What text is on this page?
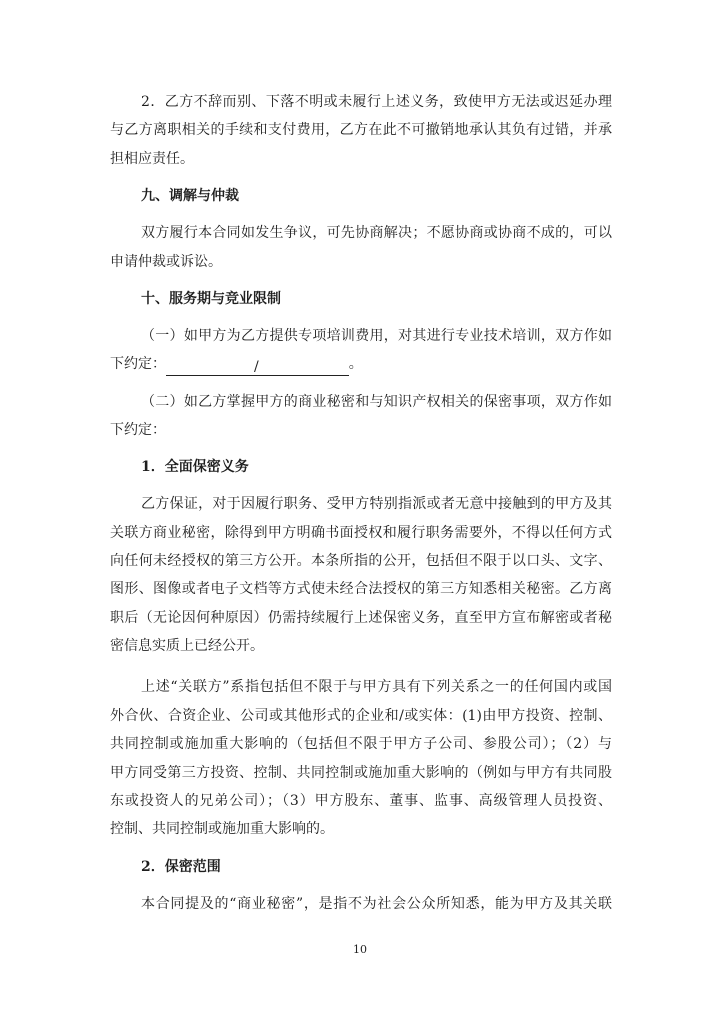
2．乙方不辞而别、下落不明或未履行上述义务，致使甲方无法或迟延办理
与乙方离职相关的手续和支付费用，乙方在此不可撤销地承认其负有过错，并承
担相应责任。
九、调解与仲裁
双方履行本合同如发生争议，可先协商解决；不愿协商或协商不成的，可以
申请仲裁或诉讼。
十、服务期与竞业限制
（一）如甲方为乙方提供专项培训费用，对其进行专业技术培训，双方作如
下约定：	/	。
（二）如乙方掌握甲方的商业秘密和与知识产权相关的保密事项，双方作如
下约定：
1．全面保密义务
乙方保证，对于因履行职务、受甲方特别指派或者无意中接触到的甲方及其
关联方商业秘密，除得到甲方明确书面授权和履行职务需要外，不得以任何方式
向任何未经授权的第三方公开。本条所指的公开，包括但不限于以口头、文字、
图形、图像或者电子文档等方式使未经合法授权的第三方知悉相关秘密。乙方离
职后（无论因何种原因）仍需持续履行上述保密义务，直至甲方宣布解密或者秘
密信息实质上已经公开。
上述“关联方”系指包括但不限于与甲方具有下列关系之一的任何国内或国
外合伙、合资企业、公司或其他形式的企业和/或实体：(1)由甲方投资、控制、
共同控制或施加重大影响的（包括但不限于甲方子公司、参股公司）；（2）与
甲方同受第三方投资、控制、共同控制或施加重大影响的（例如与甲方有共同股
东或投资人的兄弟公司）；（3）甲方股东、董事、监事、高级管理人员投资、
控制、共同控制或施加重大影响的。
2．保密范围
本合同提及的“商业秘密”，是指不为社会公众所知悉，能为甲方及其关联
10
